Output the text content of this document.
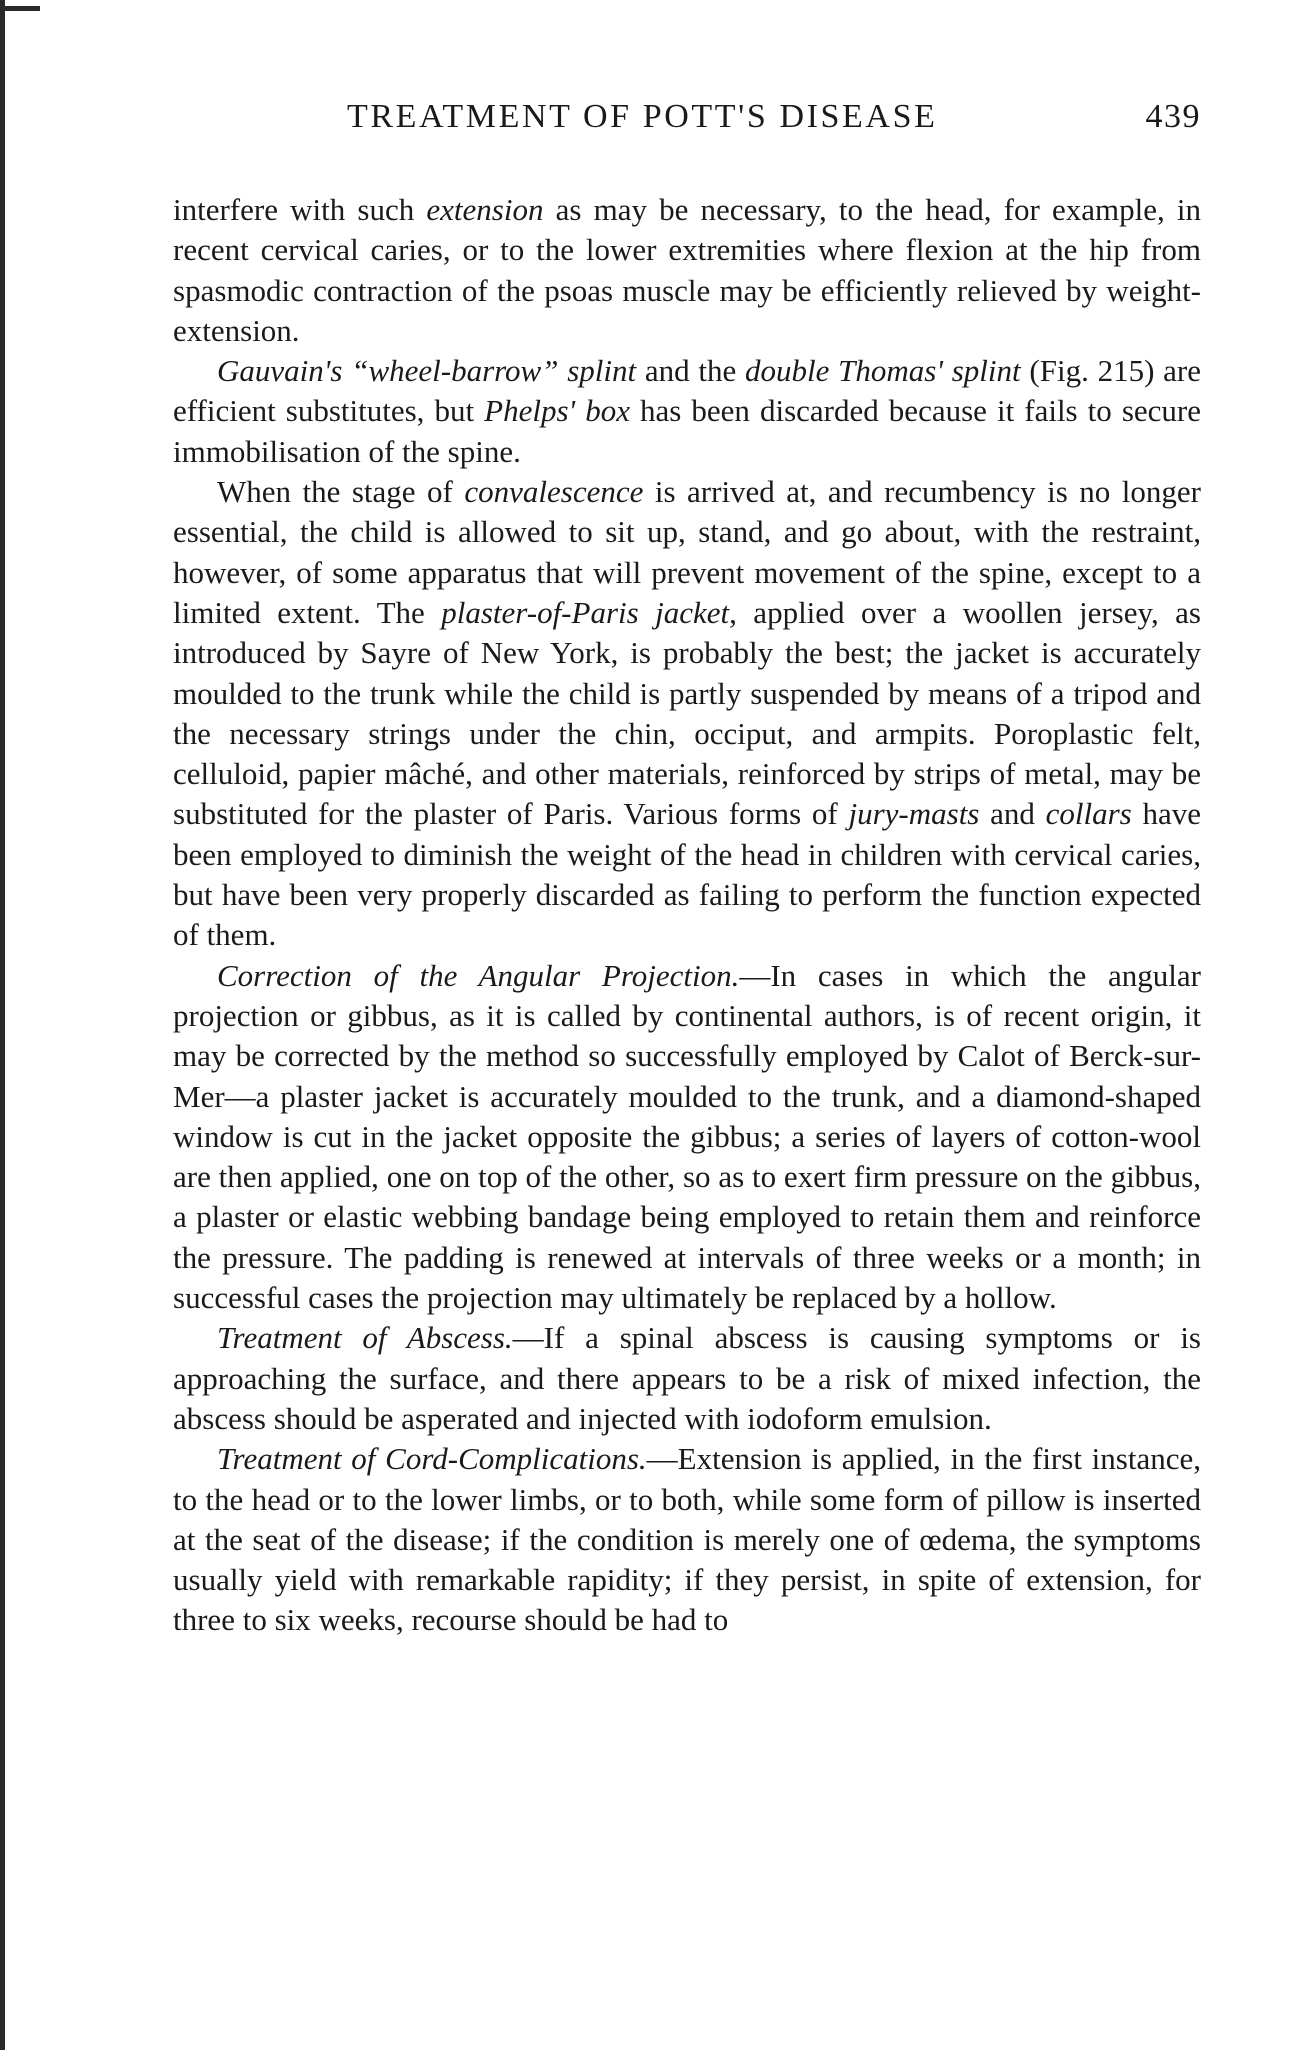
TREATMENT OF POTT'S DISEASE	439

interfere with such extension as may be necessary, to the head, for example, in recent cervical caries, or to the lower extremities where flexion at the hip from spasmodic contraction of the psoas muscle may be efficiently relieved by weight-extension.

Gauvain's “wheel-barrow” splint and the double Thomas' splint (Fig. 215) are efficient substitutes, but Phelps' box has been discarded because it fails to secure immobilisation of the spine.

When the stage of convalescence is arrived at, and recumbency is no longer essential, the child is allowed to sit up, stand, and go about, with the restraint, however, of some apparatus that will prevent movement of the spine, except to a limited extent. The plaster-of-Paris jacket, applied over a woollen jersey, as introduced by Sayre of New York, is probably the best; the jacket is accurately moulded to the trunk while the child is partly suspended by means of a tripod and the necessary strings under the chin, occiput, and armpits. Poroplastic felt, celluloid, papier mâché, and other materials, reinforced by strips of metal, may be substituted for the plaster of Paris. Various forms of jury-masts and collars have been employed to diminish the weight of the head in children with cervical caries, but have been very properly discarded as failing to perform the function expected of them.

Correction of the Angular Projection.—In cases in which the angular projection or gibbus, as it is called by continental authors, is of recent origin, it may be corrected by the method so successfully employed by Calot of Berck-sur-Mer—a plaster jacket is accurately moulded to the trunk, and a diamond-shaped window is cut in the jacket opposite the gibbus; a series of layers of cotton-wool are then applied, one on top of the other, so as to exert firm pressure on the gibbus, a plaster or elastic webbing bandage being employed to retain them and reinforce the pressure. The padding is renewed at intervals of three weeks or a month; in successful cases the projection may ultimately be replaced by a hollow.

Treatment of Abscess.—If a spinal abscess is causing symptoms or is approaching the surface, and there appears to be a risk of mixed infection, the abscess should be asperated and injected with iodoform emulsion.

Treatment of Cord-Complications.—Extension is applied, in the first instance, to the head or to the lower limbs, or to both, while some form of pillow is inserted at the seat of the disease; if the condition is merely one of œdema, the symptoms usually yield with remarkable rapidity; if they persist, in spite of extension, for three to six weeks, recourse should be had to
